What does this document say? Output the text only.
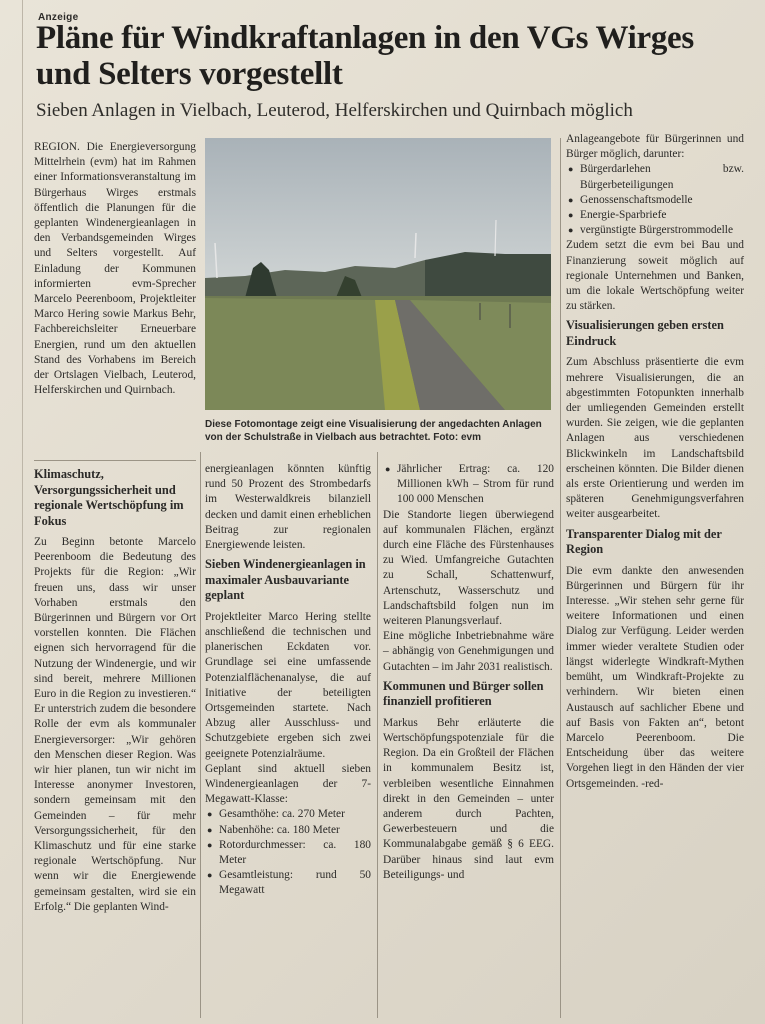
Anzeige
Pläne für Windkraftanlagen in den VGs Wirges und Selters vorgestellt
Sieben Anlagen in Vielbach, Leuterod, Helferskirchen und Quirnbach möglich

REGION. Die Energieversorgung Mittelrhein (evm) hat im Rahmen einer Informationsveranstaltung im Bürgerhaus Wirges erstmals öffentlich die Planungen für die geplanten Windenergieanlagen in den Verbandsgemeinden Wirges und Selters vorgestellt. Auf Einladung der Kommunen informierten evm-Sprecher Marcelo Peerenboom, Projektleiter Marco Hering sowie Markus Behr, Fachbereichsleiter Erneuerbare Energien, rund um den aktuellen Stand des Vorhabens im Bereich der Ortslagen Vielbach, Leuterod, Helferskirchen und Quirnbach.

Klimaschutz, Versorgungssicherheit und regionale Wertschöpfung im Fokus

Zu Beginn betonte Marcelo Peerenboom die Bedeutung des Projekts für die Region: „Wir freuen uns, dass wir unser Vorhaben erstmals den Bürgerinnen und Bürgern vor Ort vorstellen konnten. Die Flächen eignen sich hervorragend für die Nutzung der Windenergie, und wir sind bereit, mehrere Millionen Euro in die Region zu investieren.“ Er unterstrich zudem die besondere Rolle der evm als kommunaler Energieversorger: „Wir gehören den Menschen dieser Region. Was wir hier planen, tun wir nicht im Interesse anonymer Investoren, sondern gemeinsam mit den Gemeinden – für mehr Versorgungssicherheit, für den Klimaschutz und für eine starke regionale Wertschöpfung. Nur wenn wir die Energiewende gemeinsam gestalten, wird sie ein Erfolg.“ Die geplanten Wind-

Diese Fotomontage zeigt eine Visualisierung der angedachten Anlagen von der Schulstraße in Vielbach aus betrachtet. Foto: evm

energieanlagen könnten künftig rund 50 Prozent des Strombedarfs im Westerwaldkreis bilanziell decken und damit einen erheblichen Beitrag zur regionalen Energiewende leisten.

Sieben Windenergieanlagen in maximaler Ausbauvariante geplant

Projektleiter Marco Hering stellte anschließend die technischen und planerischen Eckdaten vor. Grundlage sei eine umfassende Potenzialflächenanalyse, die auf Initiative der beteiligten Ortsgemeinden startete. Nach Abzug aller Ausschluss- und Schutzgebiete ergeben sich zwei geeignete Potenzialräume.

Geplant sind aktuell sieben Windenergieanlagen der 7-Megawatt-Klasse:

● Gesamthöhe: ca. 270 Meter
● Nabenhöhe: ca. 180 Meter
● Rotordurchmesser: ca. 180 Meter
● Gesamtleistung: rund 50 Megawatt
● Jährlicher Ertrag: ca. 120 Millionen kWh – Strom für rund 100 000 Menschen

Die Standorte liegen überwiegend auf kommunalen Flächen, ergänzt durch eine Fläche des Fürstenhauses zu Wied. Umfangreiche Gutachten zu Schall, Schattenwurf, Artenschutz, Wasserschutz und Landschaftsbild folgen nun im weiteren Planungsverlauf.

Eine mögliche Inbetriebnahme wäre – abhängig von Genehmigungen und Gutachten – im Jahr 2031 realistisch.

Kommunen und Bürger sollen finanziell profitieren

Markus Behr erläuterte die Wertschöpfungspotenziale für die Region. Da ein Großteil der Flächen in kommunalem Besitz ist, verbleiben wesentliche Einnahmen direkt in den Gemeinden – unter anderem durch Pachten, Gewerbesteuern und die Kommunalabgabe gemäß § 6 EEG. Darüber hinaus sind laut evm Beteiligungs- und

Anlageangebote für Bürgerinnen und Bürger möglich, darunter:

● Bürgerdarlehen bzw. Bürgerbeteiligungen
● Genossenschaftsmodelle
● Energie-Sparbriefe
● vergünstigte Bürgerstrommodelle

Zudem setzt die evm bei Bau und Finanzierung soweit möglich auf regionale Unternehmen und Banken, um die lokale Wertschöpfung weiter zu stärken.

Visualisierungen geben ersten Eindruck

Zum Abschluss präsentierte die evm mehrere Visualisierungen, die an abgestimmten Fotopunkten innerhalb der umliegenden Gemeinden erstellt wurden. Sie zeigen, wie die geplanten Anlagen aus verschiedenen Blickwinkeln im Landschaftsbild erscheinen könnten. Die Bilder dienen als erste Orientierung und werden im späteren Genehmigungsverfahren weiter ausgearbeitet.

Transparenter Dialog mit der Region

Die evm dankte den anwesenden Bürgerinnen und Bürgern für ihr Interesse. „Wir stehen sehr gerne für weitere Informationen und einen Dialog zur Verfügung. Leider werden immer wieder veraltete Studien oder längst widerlegte Windkraft-Mythen bemüht, um Windkraft-Projekte zu verhindern. Wir bieten einen Austausch auf sachlicher Ebene und auf Basis von Fakten an“, betont Marcelo Peerenboom. Die Entscheidung über das weitere Vorgehen liegt in den Händen der vier Ortsgemeinden. -red-
